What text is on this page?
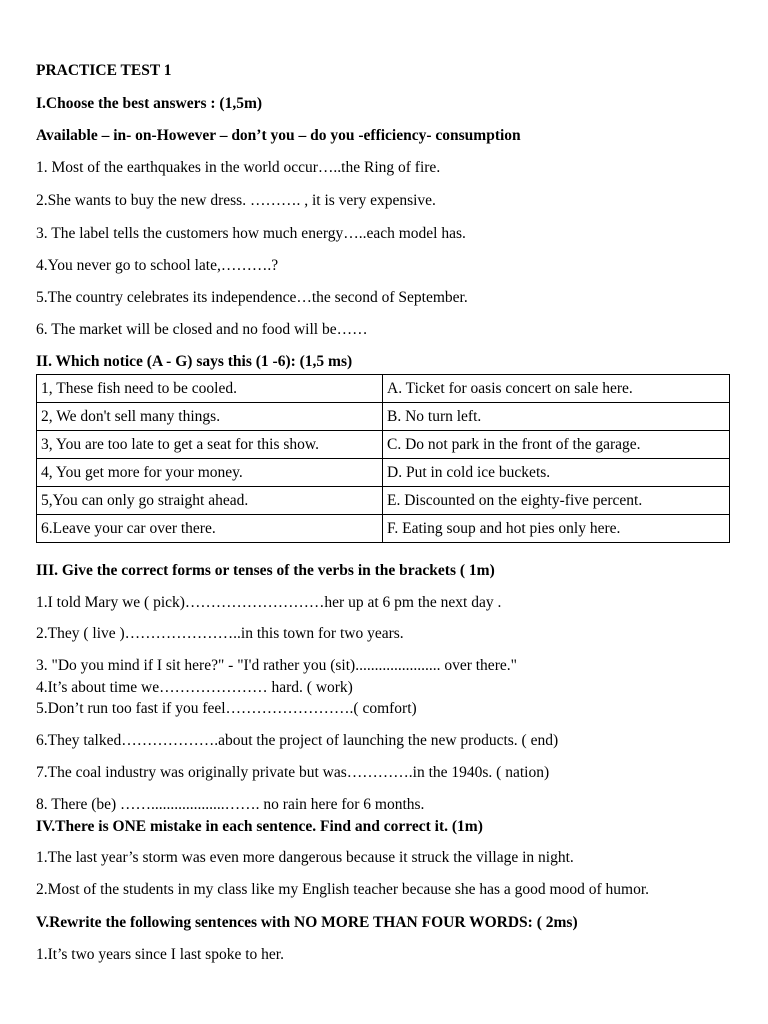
PRACTICE TEST 1
I.Choose the best answers : (1,5m)
Available – in- on-However – don’t you – do you -efficiency- consumption
1. Most of the earthquakes in the world occur…..the Ring of fire.
2.She wants to buy the new dress. ………. , it is very expensive.
3. The label tells the customers how much energy…..each model has.
4.You never go to school late,……….?
5.The country celebrates its independence…the second of September.
6. The market will be closed and no food will be……
II. Which notice (A - G) says this (1 -6): (1,5 ms)
1, These fish need to be cooled.	A. Ticket for oasis concert on sale here.
2, We don't sell many things.	B. No turn left.
3, You are too late to get a seat for this show.	C. Do not park in the front of the garage.
4, You get more for your money.	D. Put in cold ice buckets.
5,You can only go straight ahead.	E. Discounted on the eighty-five percent.
6.Leave your car over there.	F. Eating soup and hot pies only here.
III. Give the correct forms or tenses of the verbs in the brackets ( 1m)
1.I told Mary we ( pick)………………………her up at 6 pm the next day .
2.They ( live )…………………..in this town for two years.
3. "Do you mind if I sit here?" - "I'd rather you (sit)...................... over there."
4.It’s about time we………………… hard. ( work)
5.Don’t run too fast if you feel…………………….( comfort)
6.They talked……………….about the project of launching the new products. ( end)
7.The coal industry was originally private but was………….in the 1940s. ( nation)
8. There (be) ……...................……. no rain here for 6 months.
IV.There is ONE mistake in each sentence. Find and correct it. (1m)
1.The last year’s storm was even more dangerous because it struck the village in night.
2.Most of the students in my class like my English teacher because she has a good mood of humor.
V.Rewrite the following sentences with NO MORE THAN FOUR WORDS: ( 2ms)
1.It’s two years since I last spoke to her.
